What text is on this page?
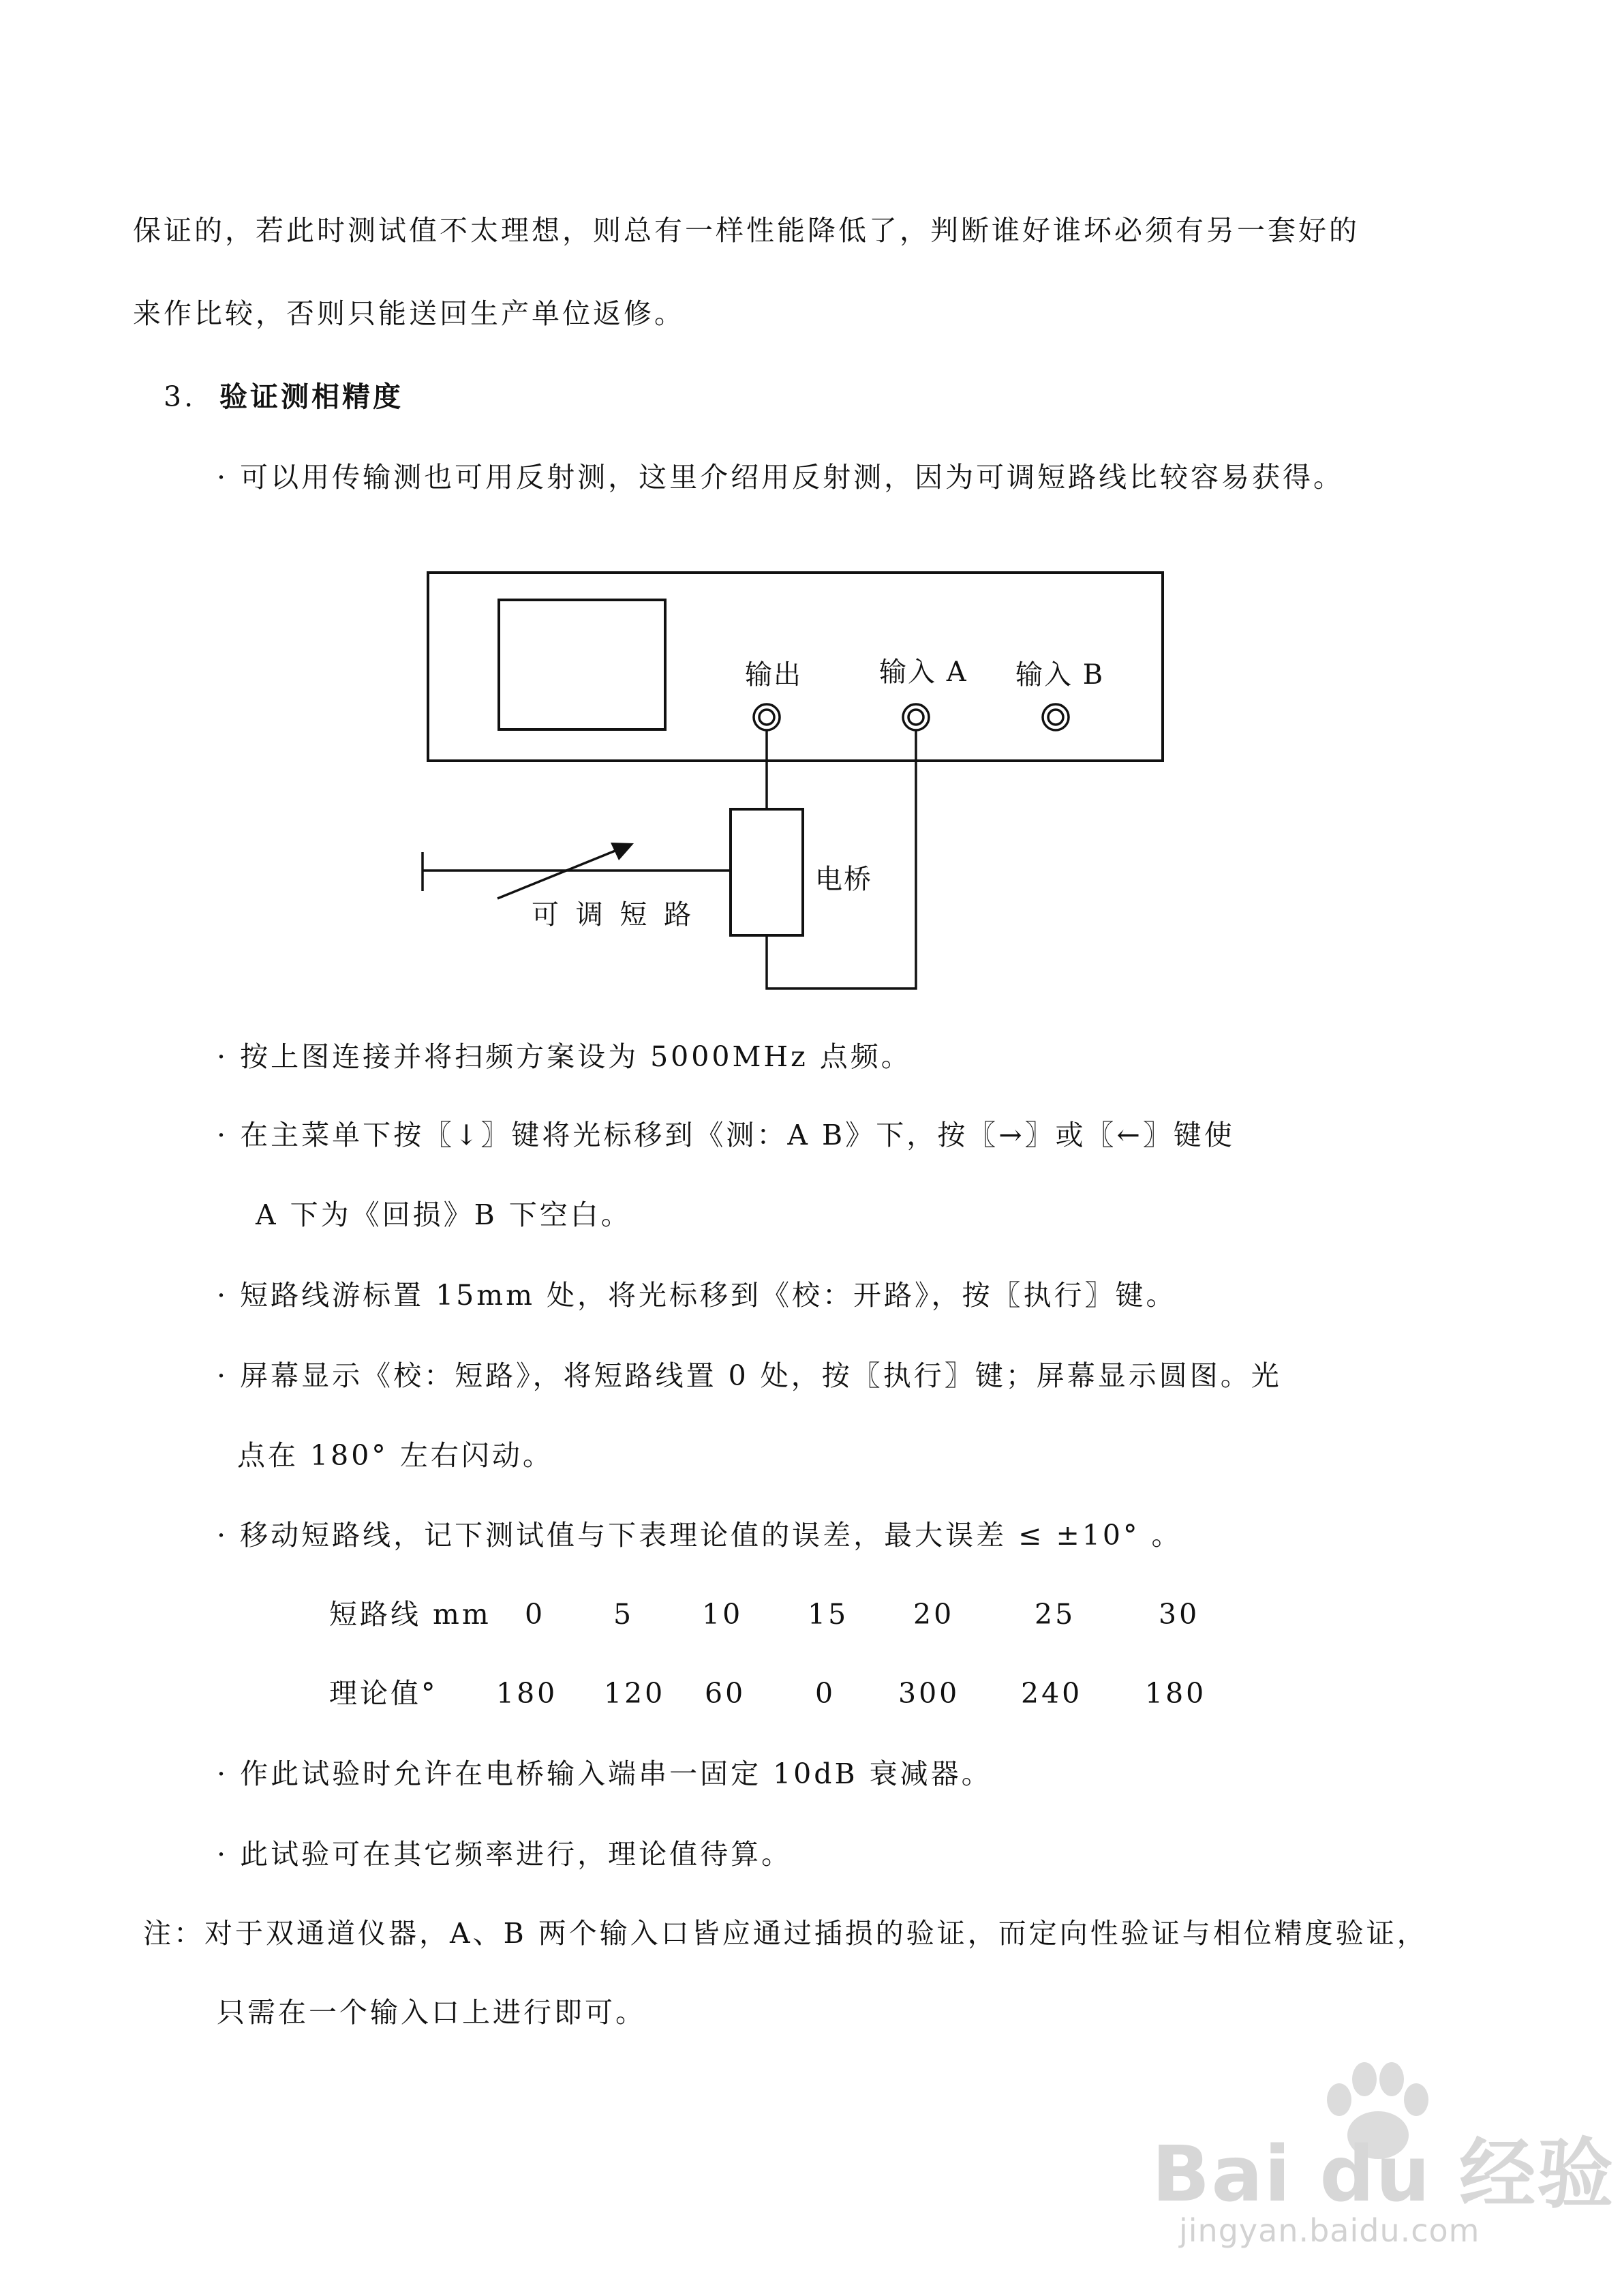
保证的，若此时测试值不太理想，则总有一样性能降低了，判断谁好谁坏必须有另一套好的
来作比较，否则只能送回生产单位返修。
3. 验证测相精度
· 可以用传输测也可用反射测，这里介绍用反射测，因为可调短路线比较容易获得。
输出	输入 A 输入 B
电桥
可 调 短 路
· 按上图连接并将扫频方案设为 5000MHz 点频。
· 在主菜单下按〖↓〗键将光标移到《测：A B》下，按〖→〗或〖←〗键使
A 下为《回损》B 下空白。
· 短路线游标置 15mm 处，将光标移到《校：开路》，按〖执行〗键。
· 屏幕显示《校：短路》，将短路线置 0 处，按〖执行〗键；屏幕显示圆图。光
点在 180° 左右闪动。
· 移动短路线，记下测试值与下表理论值的误差，最大误差 ≤ ±10° 。
短路线 mm 0 5 10 15 20	25	30
理论值° 180 120 60 0 300 240 180
· 作此试验时允许在电桥输入端串一固定 10dB 衰减器。
· 此试验可在其它频率进行，理论值待算。
注：对于双通道仪器，A、B 两个输入口皆应通过插损的验证，而定向性验证与相位精度验证，
只需在一个输入口上进行即可。
Bai du 经验
jingyan.baidu.com
